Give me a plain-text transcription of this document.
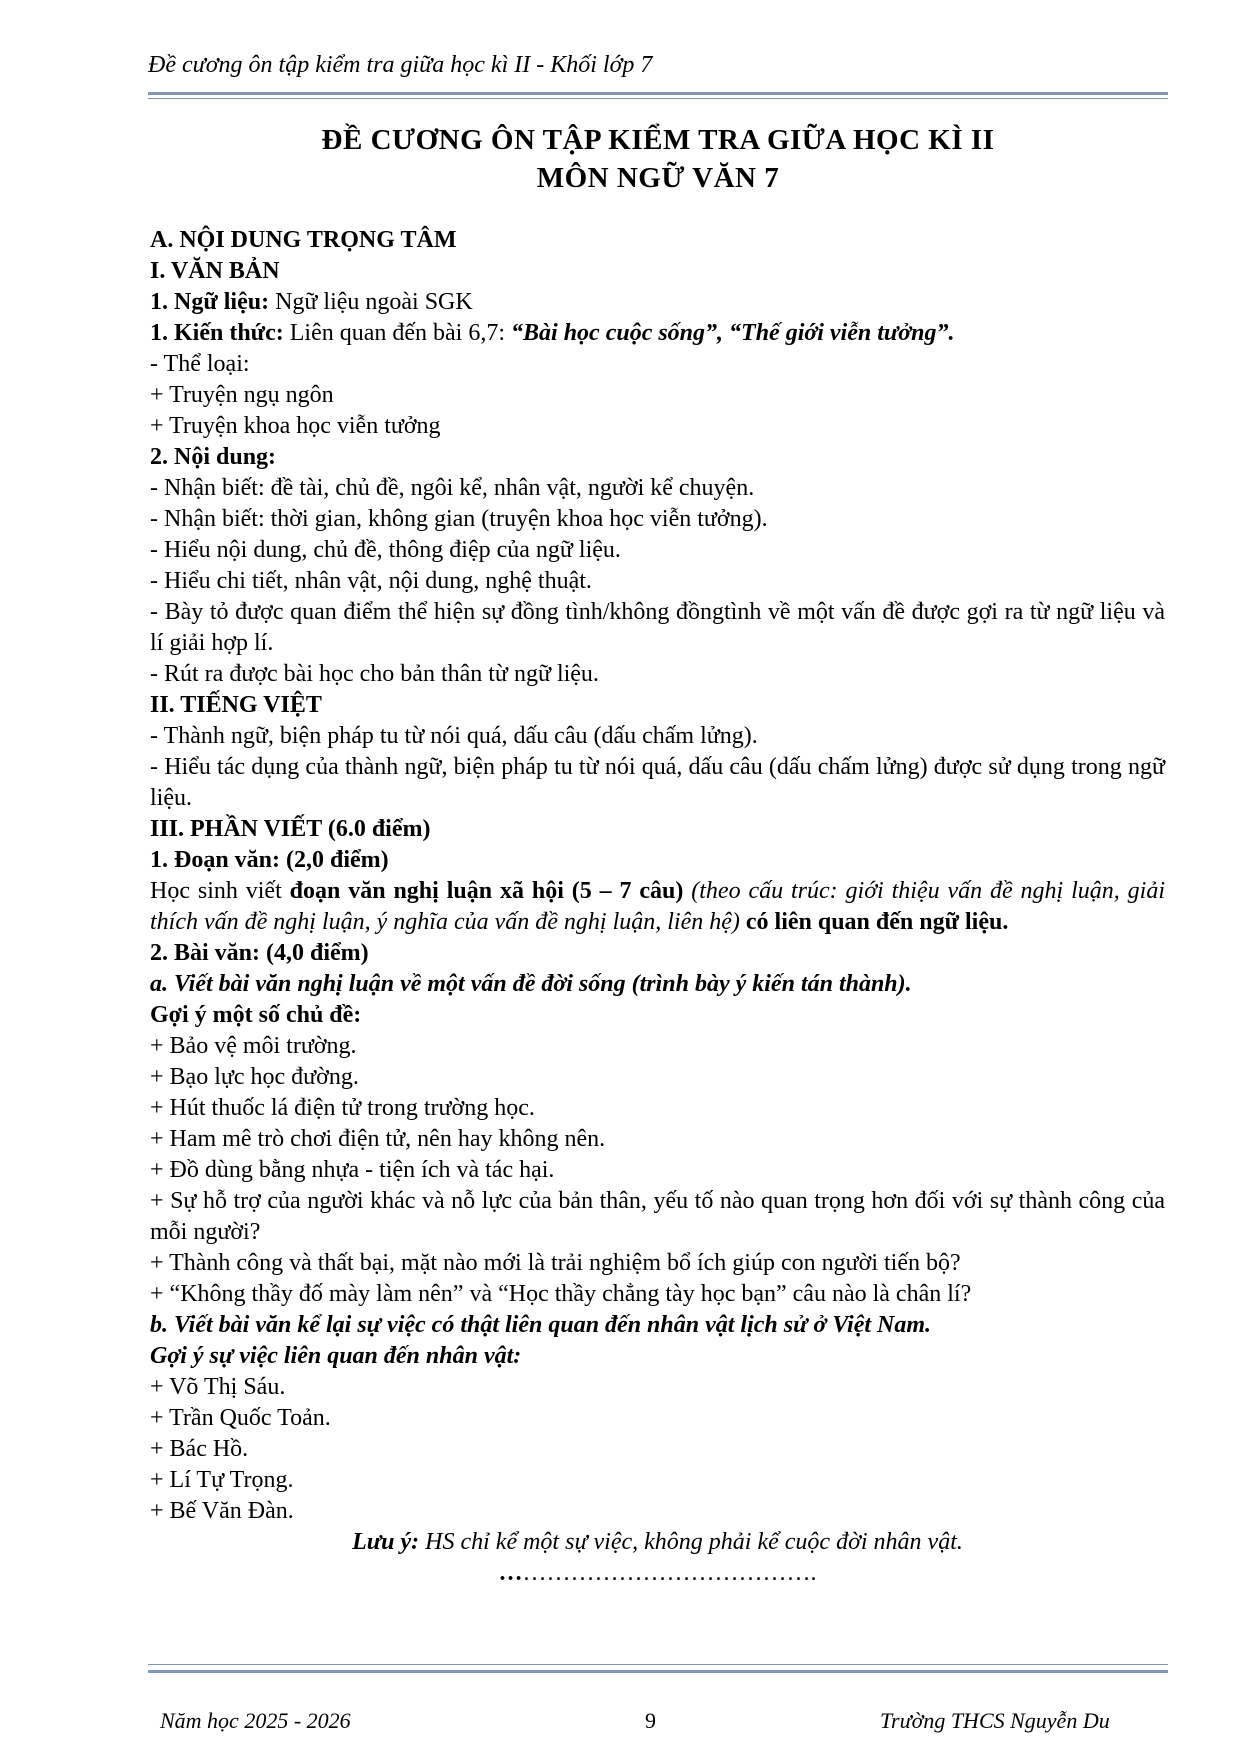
Đề cương ôn tập kiểm tra giữa học kì II - Khối lớp 7
ĐỀ CƯƠNG ÔN TẬP KIỂM TRA GIỮA HỌC KÌ II
MÔN NGỮ VĂN 7

A. NỘI DUNG TRỌNG TÂM

I. VĂN BẢN

1. Ngữ liệu: Ngữ liệu ngoài SGK

1. Kiến thức: Liên quan đến bài 6,7: “Bài học cuộc sống”, “Thế giới viễn tưởng”.

- Thể loại:

+ Truyện ngụ ngôn

+ Truyện khoa học viễn tưởng

2. Nội dung:

- Nhận biết: đề tài, chủ đề, ngôi kể, nhân vật, người kể chuyện.

- Nhận biết: thời gian, không gian (truyện khoa học viễn tưởng).

- Hiểu nội dung, chủ đề, thông điệp của ngữ liệu.

- Hiểu chi tiết, nhân vật, nội dung, nghệ thuật.

- Bày tỏ được quan điểm thể hiện sự đồng tình/không đồngtình về một vấn đề được gợi ra từ ngữ liệu và lí giải hợp lí.

- Rút ra được bài học cho bản thân từ ngữ liệu.

II. TIẾNG VIỆT

- Thành ngữ, biện pháp tu từ nói quá, dấu câu (dấu chấm lửng).

- Hiểu tác dụng của thành ngữ, biện pháp tu từ nói quá, dấu câu (dấu chấm lửng) được sử dụng trong ngữ liệu.

III. PHẦN VIẾT (6.0 điểm)

1. Đoạn văn: (2,0 điểm)

Học sinh viết đoạn văn nghị luận xã hội (5 – 7 câu) (theo cấu trúc: giới thiệu vấn đề nghị luận, giải thích vấn đề nghị luận, ý nghĩa của vấn đề nghị luận, liên hệ) có liên quan đến ngữ liệu.

2. Bài văn: (4,0 điểm)

a. Viết bài văn nghị luận về một vấn đề đời sống (trình bày ý kiến tán thành).

Gợi ý một số chủ đề:

+ Bảo vệ môi trường.

+ Bạo lực học đường.

+ Hút thuốc lá điện tử trong trường học.

+ Ham mê trò chơi điện tử, nên hay không nên.

+ Đồ dùng bằng nhựa - tiện ích và tác hại.

+ Sự hỗ trợ của người khác và nỗ lực của bản thân, yếu tố nào quan trọng hơn đối với sự thành công của mỗi người?

+ Thành công và thất bại, mặt nào mới là trải nghiệm bổ ích giúp con người tiến bộ?

+ “Không thầy đố mày làm nên” và “Học thầy chẳng tày học bạn” câu nào là chân lí?

b. Viết bài văn kể lại sự việc có thật liên quan đến nhân vật lịch sử ở Việt Nam.

Gợi ý sự việc liên quan đến nhân vật:

+ Võ Thị Sáu.

+ Trần Quốc Toản.

+ Bác Hồ.

+ Lí Tự Trọng.

+ Bế Văn Đàn.

Lưu ý: HS chỉ kể một sự việc, không phải kể cuộc đời nhân vật.

………………………………….

Năm học 2025 - 2026	9	Trường THCS Nguyễn Du
